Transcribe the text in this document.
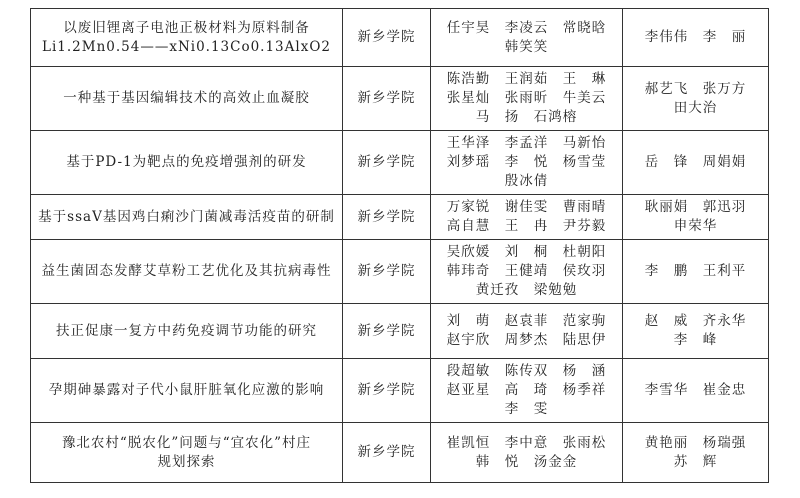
以废旧锂离子电池正极材料为原料制备
Li1.2Mn0.54——xNi0.13Co0.13AlxO2	新乡学院	任宇昊　李凌云　常晓晗
韩笑笑	李伟伟　李　丽

一种基于基因编辑技术的高效止血凝胶	新乡学院	陈浩勤　王润茹　王　琳
张星灿　张雨昕　牛美云
马　扬　石鸿榕	郝艺飞　张万方
田大治

基于PD-1为靶点的免疫增强剂的研发	新乡学院	王华泽　李孟洋　马新怡
刘梦瑶　李　悦　杨雪莹
殷冰倩	岳　锋　周娟娟

基于ssaV基因鸡白痢沙门菌减毒活疫苗的研制	新乡学院	万家锐　谢佳雯　曹雨晴
高自慧　王　冉　尹芬毅	耿丽娟　郭迅羽
申荣华

益生菌固态发酵艾草粉工艺优化及其抗病毒性	新乡学院	吴欣媛　刘　桐　杜朝阳
韩玮奇　王健靖　侯玫羽
黄迁孜　梁勉勉	李　鹏　王利平

扶正促康一复方中药免疫调节功能的研究	新乡学院	刘　萌　赵袁菲　范家驹
赵宇欣　周梦杰　陆思伊	赵　威　齐永华
李　峰

孕期砷暴露对子代小鼠肝脏氧化应激的影响	新乡学院	段超敏　陈传双　杨　涵
赵亚星　高　琦　杨季祥
李　雯	李雪华　崔金忠

豫北农村“脱农化”问题与“宜农化”村庄
规划探索	新乡学院	崔凯恒　李中意　张雨松
韩　悦　汤金金	黄艳丽　杨瑞强
苏　辉
